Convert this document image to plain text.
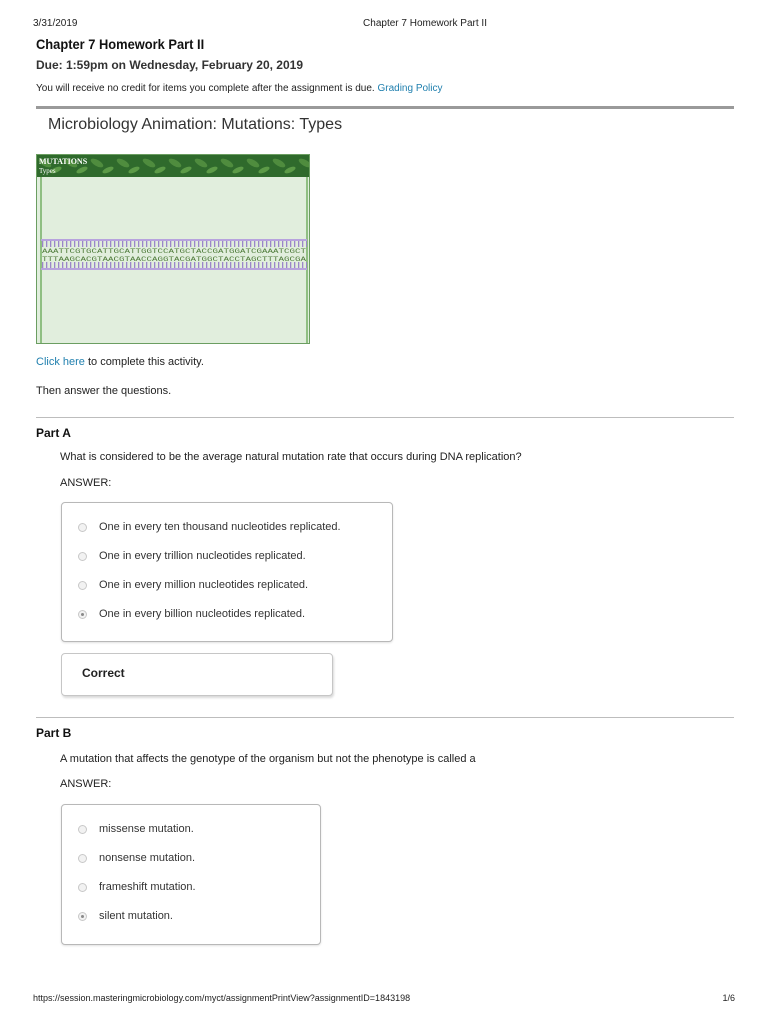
3/31/2019	Chapter 7 Homework Part II
Chapter 7 Homework Part II
Due: 1:59pm on Wednesday, February 20, 2019
You will receive no credit for items you complete after the assignment is due. Grading Policy
Microbiology Animation: Mutations: Types
MUTATIONS
Types
AAATTCGTGCATTGCATTGGTCCATGCTACCGATGGATCGAAATCGCT
TTTAAGCACGTAACGTAACCAGGTACGATGGCTACCTAGCTTTAGCGA
Click here to complete this activity.
Then answer the questions.
Part A
What is considered to be the average natural mutation rate that occurs during DNA replication?
ANSWER:
One in every ten thousand nucleotides replicated.
One in every trillion nucleotides replicated.
One in every million nucleotides replicated.
One in every billion nucleotides replicated.
Correct
Part B
A mutation that affects the genotype of the organism but not the phenotype is called a
ANSWER:
missense mutation.
nonsense mutation.
frameshift mutation.
silent mutation.
https://session.masteringmicrobiology.com/myct/assignmentPrintView?assignmentID=1843198	1/6
